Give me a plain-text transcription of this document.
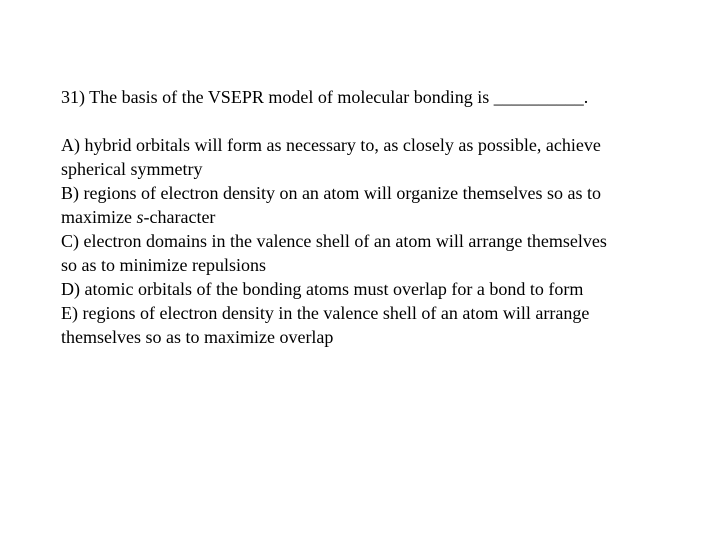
31) The basis of the VSEPR model of molecular bonding is __________.
A) hybrid orbitals will form as necessary to, as closely as possible, achieve
spherical symmetry
B) regions of electron density on an atom will organize themselves so as to
maximize s-character
C) electron domains in the valence shell of an atom will arrange themselves
so as to minimize repulsions
D) atomic orbitals of the bonding atoms must overlap for a bond to form
E) regions of electron density in the valence shell of an atom will arrange
themselves so as to maximize overlap
